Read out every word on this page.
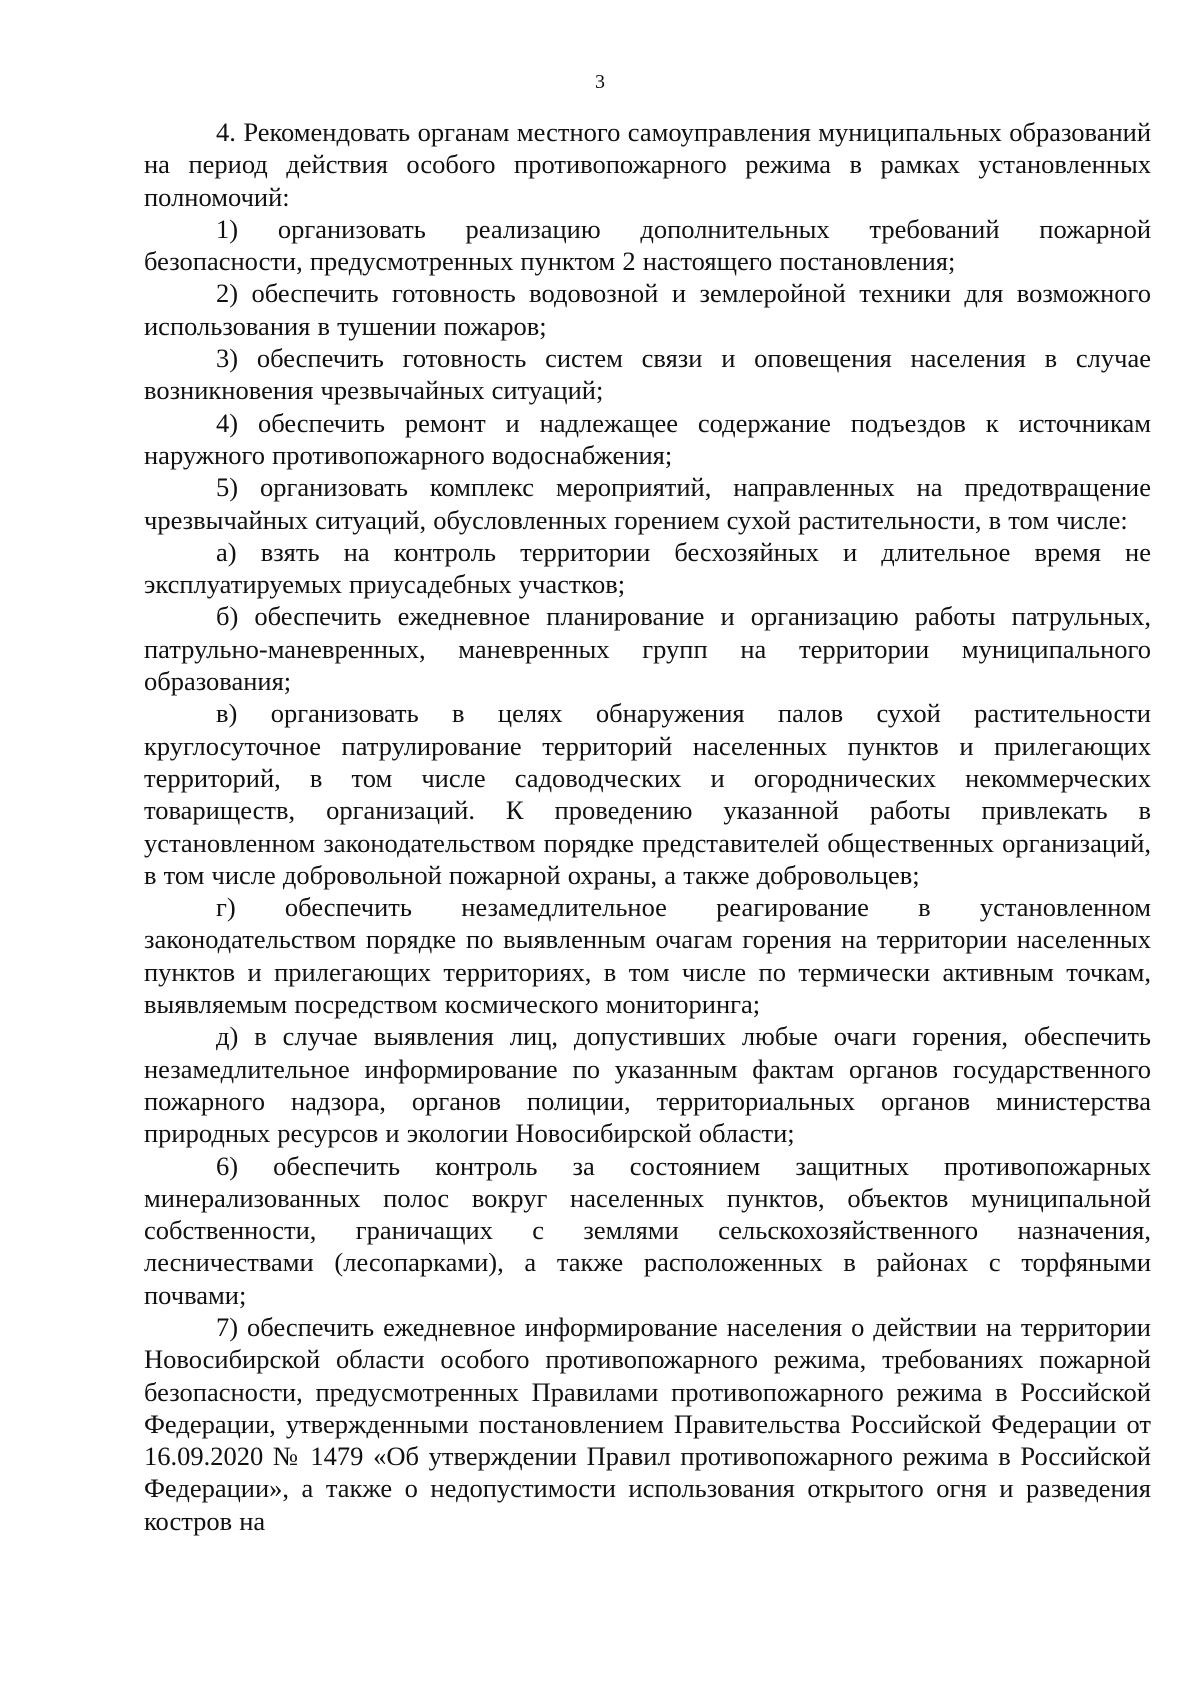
3

4. Рекомендовать органам местного самоуправления муниципальных образований на период действия особого противопожарного режима в рамках установленных полномочий:

1) организовать реализацию дополнительных требований пожарной безопасности, предусмотренных пунктом 2 настоящего постановления;

2) обеспечить готовность водовозной и землеройной техники для возможного использования в тушении пожаров;

3) обеспечить готовность систем связи и оповещения населения в случае возникновения чрезвычайных ситуаций;

4) обеспечить ремонт и надлежащее содержание подъездов к источникам наружного противопожарного водоснабжения;

5) организовать комплекс мероприятий, направленных на предотвращение чрезвычайных ситуаций, обусловленных горением сухой растительности, в том числе:

а) взять на контроль территории бесхозяйных и длительное время не эксплуатируемых приусадебных участков;

б) обеспечить ежедневное планирование и организацию работы патрульных, патрульно-маневренных, маневренных групп на территории муниципального образования;

в) организовать в целях обнаружения палов сухой растительности круглосуточное патрулирование территорий населенных пунктов и прилегающих территорий, в том числе садоводческих и огороднических некоммерческих товариществ, организаций. К проведению указанной работы привлекать в установленном законодательством порядке представителей общественных организаций, в том числе добровольной пожарной охраны, а также добровольцев;

г) обеспечить незамедлительное реагирование в установленном законодательством порядке по выявленным очагам горения на территории населенных пунктов и прилегающих территориях, в том числе по термически активным точкам, выявляемым посредством космического мониторинга;

д) в случае выявления лиц, допустивших любые очаги горения, обеспечить незамедлительное информирование по указанным фактам органов государственного пожарного надзора, органов полиции, территориальных органов министерства природных ресурсов и экологии Новосибирской области;

6) обеспечить контроль за состоянием защитных противопожарных минерализованных полос вокруг населенных пунктов, объектов муниципальной собственности, граничащих с землями сельскохозяйственного назначения, лесничествами (лесопарками), а также расположенных в районах с торфяными почвами;

7) обеспечить ежедневное информирование населения о действии на территории Новосибирской области особого противопожарного режима, требованиях пожарной безопасности, предусмотренных Правилами противопожарного режима в Российской Федерации, утвержденными постановлением Правительства Российской Федерации от 16.09.2020 № 1479 «Об утверждении Правил противопожарного режима в Российской Федерации», а также о недопустимости использования открытого огня и разведения костров на
